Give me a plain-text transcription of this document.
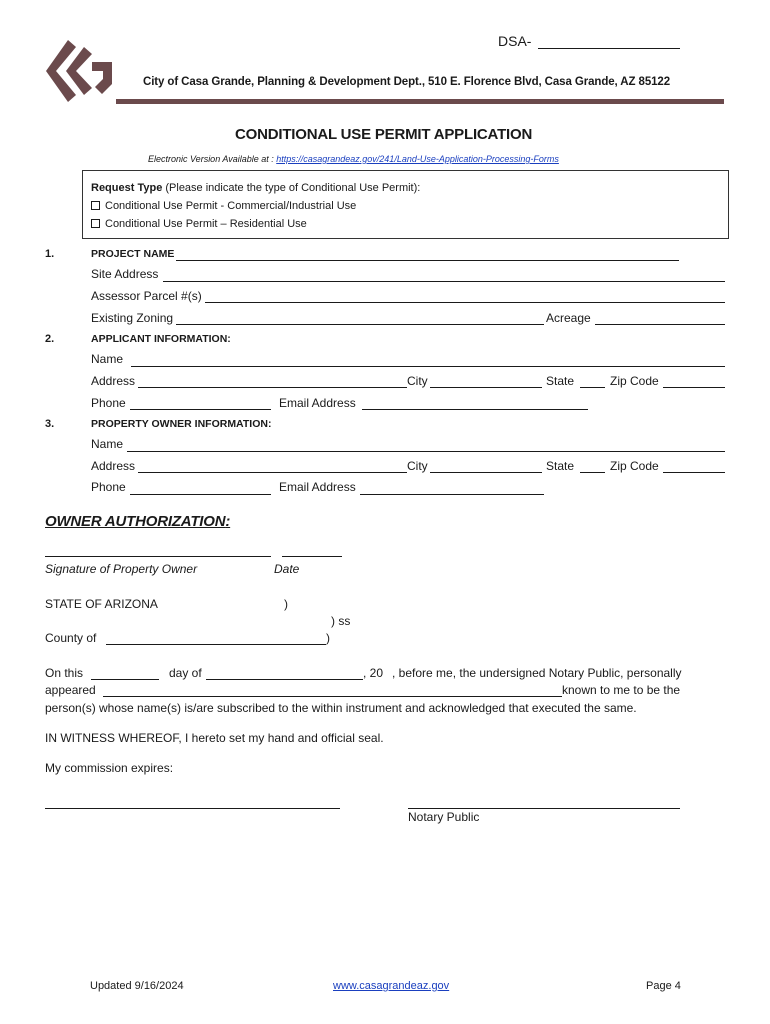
DSA-
City of Casa Grande, Planning & Development Dept., 510 E. Florence Blvd, Casa Grande, AZ 85122
CONDITIONAL USE PERMIT APPLICATION
Electronic Version Available at : https://casagrandeaz.gov/241/Land-Use-Application-Processing-Forms
Request Type (Please indicate the type of Conditional Use Permit):
Conditional Use Permit - Commercial/Industrial Use
Conditional Use Permit – Residential Use
1.	PROJECT NAME
Site Address
Assessor Parcel #(s)
Existing Zoning	Acreage
2.	APPLICANT INFORMATION:
Name
Address	City	State	Zip Code
Phone	Email Address
3.	PROPERTY OWNER INFORMATION:
Name
Address	City	State	Zip Code
Phone	Email Address
OWNER AUTHORIZATION:
Signature of Property Owner	Date
STATE OF ARIZONA	)
) ss
County of	)
On this	day of	, 20 , before me, the undersigned Notary Public, personally
appeared	known to me to be the
person(s) whose name(s) is/are subscribed to the within instrument and acknowledged that executed the same.
IN WITNESS WHEREOF, I hereto set my hand and official seal.
My commission expires:
Notary Public
Updated 9/16/2024	www.casagrandeaz.gov	Page 4
